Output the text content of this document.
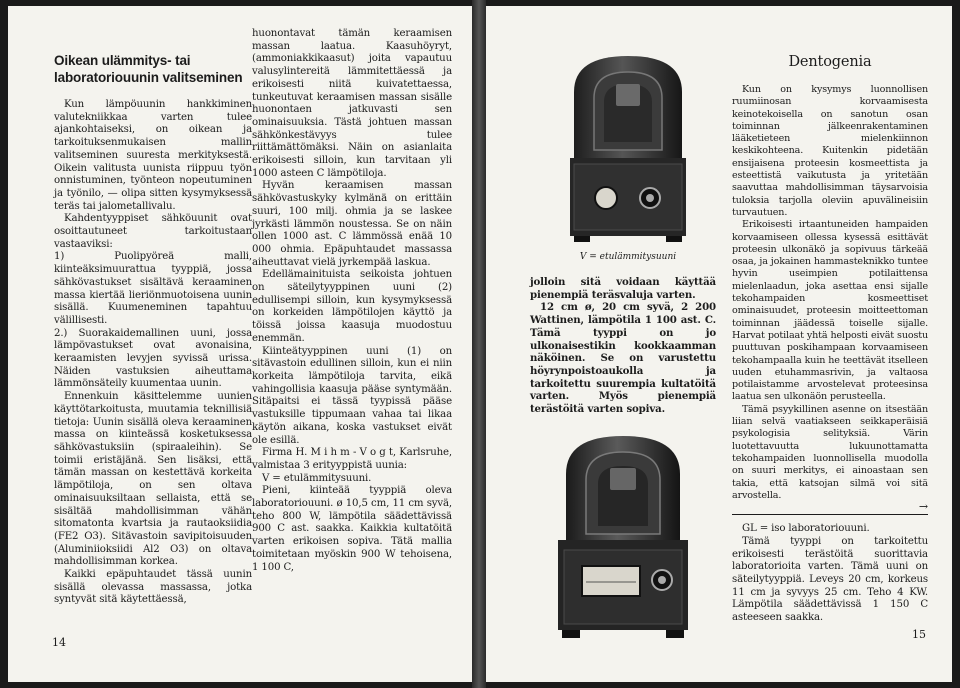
Oikean ulämmitys- tai laboratoriouunin valitseminen

Kun lämpöuunin hankkiminen valutekniikkaa varten tulee ajankohtaiseksi, on oikean ja tarkoituksenmukaisen mallin valitseminen suuresta merkityksestä. Oikein valitusta uunista riippuu työn onnistuminen, työnteon nopeutuminen ja työnilo, — olipa sitten kysymyksessä teräs tai jalometallivalu.

Kahdentyyppiset sähköuunit ovat osoittautuneet tarkoitustaan vastaaviksi:

1) Puolipyöreä malli, kiinteäksimuurattua tyyppiä, jossa sähkövastukset sisältävä keraaminen massa kiertää lieriönmuotoisena uunin sisällä. Kuumeneminen tapahtuu välillisesti.

2.) Suorakaidemallinen uuni, jossa lämpövastukset ovat avonaisina, keraamisten levyjen syvissä urissa. Näiden vastuksien aiheuttama lämmönsäteily kuumentaa uunin.

Ennenkuin käsittelemme uunien käyttötarkoitusta, muutamia teknillisiä tietoja: Uunin sisällä oleva keraaminen massa on kiinteässä kosketuksessa sähkövastuksiin (spiraaleihin). Se toimii eristäjänä. Sen lisäksi, että tämän massan on kestettävä korkeita lämpötiloja, on sen oltava ominaisuuksiltaan sellaista, että se sisältää mahdollisimman vähän sitomatonta kvartsia ja rautaoksiidia (FE2 O3). Sitävastoin savipitoisuuden (Aluminiioksiidi Al2 O3) on oltava mahdollisimman korkea.

Kaikki epäpuhtaudet tässä uunin sisällä olevassa massassa, jotka syntyvät sitä käytettäessä,

huonontavat tämän keraamisen massan laatua. Kaasuhöyryt, (ammoniakkikaasut) joita vapautuu valusylintereitä lämmitettäessä ja erikoisesti niitä kuivatettaessa, tunkeutuvat keraamisen massan sisälle huonontaen jatkuvasti sen ominaisuuksia. Tästä johtuen massan sähkönkestävyys tulee riittämättömäksi. Näin on asianlaita erikoisesti silloin, kun tarvitaan yli 1000 asteen C lämpötiloja.

Hyvän keraamisen massan sähkövastuskyky kylmänä on erittäin suuri, 100 milj. ohmia ja se laskee jyrkästi lämmön noustessa. Se on näin ollen 1000 ast. C lämmössä enää 10 000 ohmia. Epäpuhtaudet massassa aiheuttavat vielä jyrkempää laskua.

Edellämainituista seikoista johtuen on säteilytyyppinen uuni (2) edullisempi silloin, kun kysymyksessä on korkeiden lämpötilojen käyttö ja töissä joissa kaasuja muodostuu enemmän.

Kiinteätyyppinen uuni (1) on sitävastoin edullinen silloin, kun ei niin korkeita lämpötiloja tarvita, eikä vahingollisia kaasuja pääse syntymään. Sitäpaitsi ei tässä tyypissä pääse vastuksille tippumaan vahaa tai likaa käytön aikana, koska vastukset eivät ole esillä.

Firma H. M i h m - V o g t, Karlsruhe, valmistaa 3 erityyppistä uunia:

V = etulämmitysuuni.

Pieni, kiinteää tyyppiä oleva laboratoriouuni. ø 10,5 cm, 11 cm syvä, teho 800 W, lämpötila säädettävissä 900 C ast. saakka. Kaikkia kultatöitä varten erikoisen sopiva. Tätä mallia toimitetaan myöskin 900 W tehoisena, 1 100 C,

14
V = etulämmitysuuni

jolloin sitä voidaan käyttää pienempiä teräsvaluja varten.

12 cm ø, 20 cm syvä, 2 200 Wattinen, lämpötila 1 100 ast. C. Tämä tyyppi on jo ulkonaisestikin kookkaamman näköinen. Se on varustettu höyrynpoistoaukolla ja tarkoitettu suurempia kultatöitä varten. Myös pienempiä terästöitä varten sopiva.

Dentogenia

Kun on kysymys luonnollisen ruumiinosan korvaamisesta keinotekoisella on sanotun osan toiminnan jälkeenrakentaminen lääketieteen mielenkiinnon keskikohteena. Kuitenkin pidetään ensijaisena proteesin kosmeettista ja esteettistä vaikutusta ja yritetään saavuttaa mahdollisimman täysarvoisia tuloksia tarjolla oleviin apuvälineisiin turvautuen.

Erikoisesti irtaantuneiden hampaiden korvaamiseen ollessa kysessä esittävät proteesin ulkonäkö ja sopivuus tärkeää osaa, ja jokainen hammasteknikko tuntee hyvin useimpien potilaittensa mielenlaadun, joka asettaa ensi sijalle tekohampaiden kosmeettiset ominaisuudet, proteesin moitteettoman toiminnan jäädessä toiselle sijalle. Harvat potilaat yhtä helposti eivät suostu puuttuvan poskihampaan korvaamiseen tekohampaalla kuin he teettävät itselleen uuden etuhammasrivin, ja valtaosa potilaistamme arvostelevat proteesinsa laatua sen ulkonäön perusteella.

Tämä psyykillinen asenne on itsestään liian selvä vaatiakseen seikkaperäisiä psykologisia selityksiä. Värin luotettavuutta lukuunottamatta tekohampaiden luonnollisella muodolla on suuri merkitys, ei ainoastaan sen takia, että katsojan silmä voi sitä arvostella.

→

GL = iso laboratoriouuni.

Tämä tyyppi on tarkoitettu erikoisesti terästöitä suorittavia laboratorioita varten. Tämä uuni on säteilytyyppiä. Leveys 20 cm, korkeus 11 cm ja syvyys 25 cm. Teho 4 KW. Lämpötila säädettävissä 1 150 C asteeseen saakka.

15
